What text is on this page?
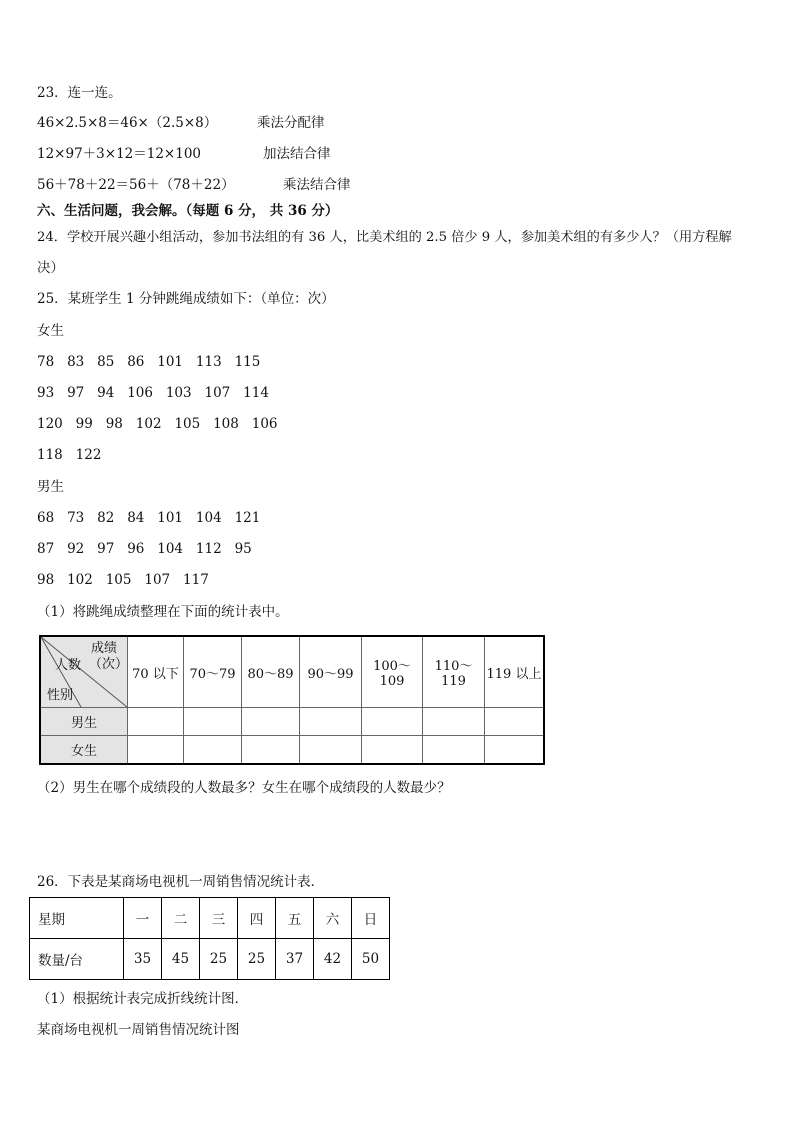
23．连一连。
46×2.5×8＝46×（2.5×8）	乘法分配律
12×97＋3×12＝12×100	加法结合律
56＋78＋22＝56＋（78＋22）	乘法结合律
六、生活问题，我会解。（每题 6 分， 共 36 分）
24．学校开展兴趣小组活动，参加书法组的有 36 人，比美术组的 2.5 倍少 9 人，参加美术组的有多少人？（用方程解
决）
25．某班学生 1 分钟跳绳成绩如下：（单位：次）
女生
78 83 85 86 101 113 115
93 97 94 106 103 107 114
120 99 98 102 105 108 106
118 122
男生
68 73 82 84 101 104 121
87 92 97 96 104 112 95
98 102 105 107 117
（1）将跳绳成绩整理在下面的统计表中。
成绩
（次）
人数
性别	70 以下	70～79	80～89	90～99	100～109	110～119	119 以上
男生							
女生							
（2）男生在哪个成绩段的人数最多？女生在哪个成绩段的人数最少？
26．下表是某商场电视机一周销售情况统计表．
星期	一	二	三	四	五	六	日
数量/台	35	45	25	25	37	42	50
（1）根据统计表完成折线统计图．
某商场电视机一周销售情况统计图
